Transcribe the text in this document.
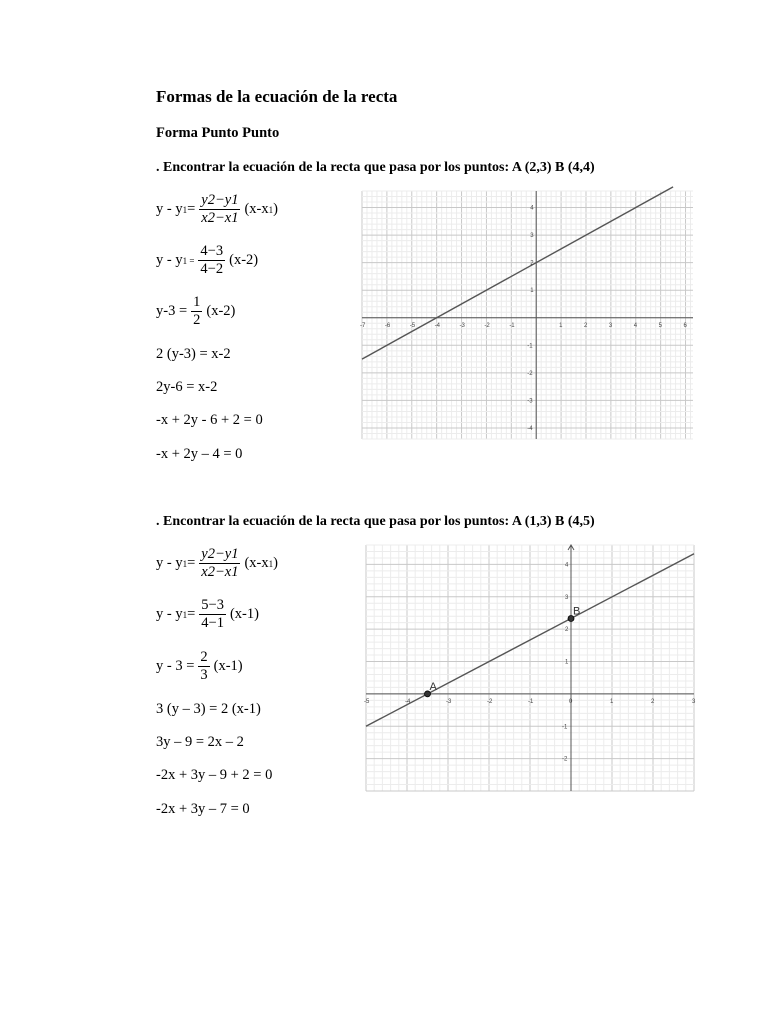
Formas de la ecuación de la recta
Forma Punto Punto
. Encontrar la ecuación de la recta que pasa por los puntos: A (2,3) B (4,4)
y - y $1 = \frac{y2-y1}{x2-x1} (x-x$ 1 )
y - y $1 = \frac{4-3}{4-2} (x-2)$
$y-3 = \frac{1}{2} (x-2)$
2 (y-3) = x-2
2y-6 = x-2
-x + 2y - 6 + 2 = 0
-x + 2y – 4 = 0
-7	-6	-5	-4	-3	-2	-1	1	2	3	4	5	6
-4
-3
-2
-1
1
2
3
4
. Encontrar la ecuación de la recta que pasa por los puntos: A (1,3) B (4,5)
y - y $1 = \frac{y2-y1}{x2-x1} (x-x$ 1 )
y - y $1 = \frac{5-3}{4-1} (x-1)$
$y - 3 = \frac{2}{3} (x-1)$
3 (y – 3) = 2 (x-1)
3y – 9 = 2x – 2
-2x + 3y – 9 + 2 = 0
-2x + 3y – 7 = 0
-5	-4	-3	-2	-1	0	1	2	3
-2
-1
1
2
3
4
A
B
